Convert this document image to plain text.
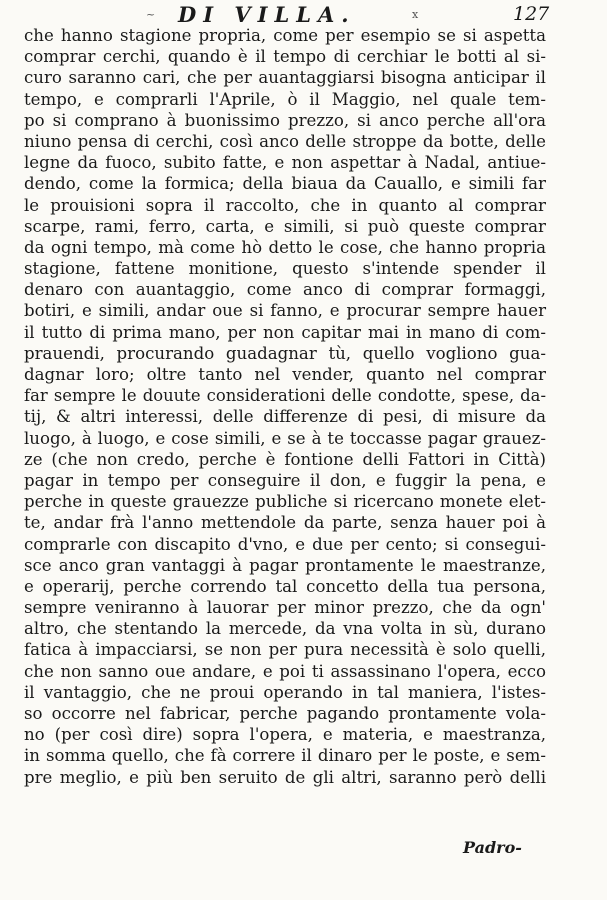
~ DI VILLA.	x	127
che hanno stagione propria, come per esempio se si aspetta
comprar cerchi, quando è il tempo di cerchiar le botti al si-
curo saranno cari, che per auantaggiarsi bisogna anticipar il
tempo, e comprarli l'Aprile, ò il Maggio, nel quale tem-
po si comprano à buonissimo prezzo, si anco perche all'ora
niuno pensa di cerchi, così anco delle stroppe da botte, delle
legne da fuoco, subito fatte, e non aspettar à Nadal, antiue-
dendo, come la formica; della biaua da Cauallo, e simili far
le prouisioni sopra il raccolto, che in quanto al comprar
scarpe, rami, ferro, carta, e simili, si può queste comprar
da ogni tempo, mà come hò detto le cose, che hanno propria
stagione, fattene monitione, questo s'intende spender il
denaro con auantaggio, come anco di comprar formaggi,
botiri, e simili, andar oue si fanno, e procurar sempre hauer
il tutto di prima mano, per non capitar mai in mano di com-
prauendi, procurando guadagnar tù, quello vogliono gua-
dagnar loro; oltre tanto nel vender, quanto nel comprar
far sempre le douute considerationi delle condotte, spese, da-
tij, & altri interessi, delle differenze di pesi, di misure da
luogo, à luogo, e cose simili, e se à te toccasse pagar grauez-
ze (che non credo, perche è fontione delli Fattori in Città)
pagar in tempo per conseguire il don, e fuggir la pena, e
perche in queste grauezze publiche si ricercano monete elet-
te, andar frà l'anno mettendole da parte, senza hauer poi à
comprarle con discapito d'vno, e due per cento; si consegui-
sce anco gran vantaggi à pagar prontamente le maestranze,
e operarij, perche correndo tal concetto della tua persona,
sempre veniranno à lauorar per minor prezzo, che da ogn'
altro, che stentando la mercede, da vna volta in sù, durano
fatica à impacciarsi, se non per pura necessità è solo quelli,
che non sanno oue andare, e poi ti assassinano l'opera, ecco
il vantaggio, che ne proui operando in tal maniera, l'istes-
so occorre nel fabricar, perche pagando prontamente vola-
no (per così dire) sopra l'opera, e materia, e maestranza,
in somma quello, che fà correre il dinaro per le poste, e sem-
pre meglio, e più ben seruito de gli altri, saranno però delli
Padro-
